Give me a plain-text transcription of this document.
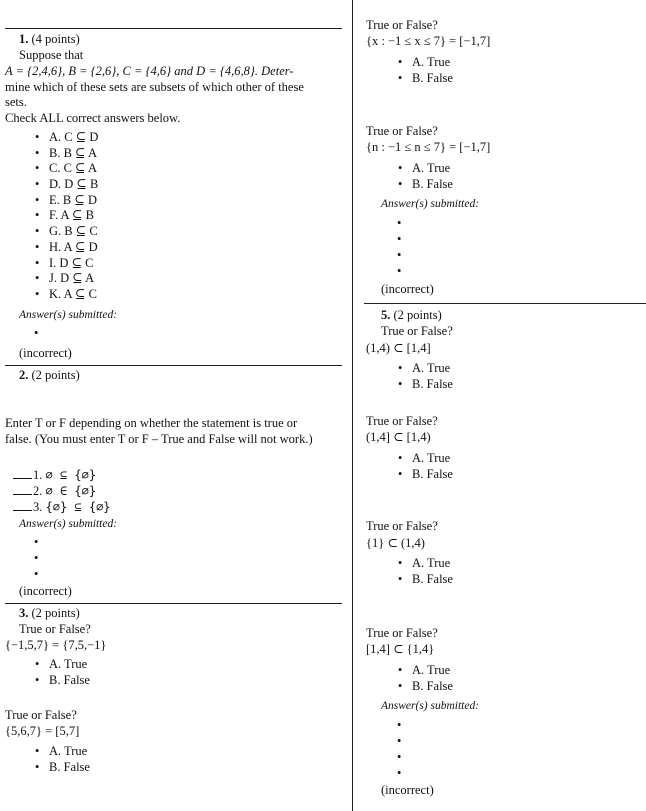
1. (4 points)
Suppose that
A = {2,4,6}, B = {2,6}, C = {4,6} and D = {4,6,8}. Deter-
mine which of these sets are subsets of which other of these
sets.
Check ALL correct answers below.
• A. C ⊆ D
• B. B ⊆ A
• C. C ⊆ A
• D. D ⊆ B
• E. B ⊆ D
• F. A ⊆ B
• G. B ⊆ C
• H. A ⊆ D
• I. D ⊆ C
• J. D ⊆ A
• K. A ⊆ C
Answer(s) submitted:
•
(incorrect)
2. (2 points)
Enter T or F depending on whether the statement is true or
false. (You must enter T or F – True and False will not work.)
1. ∅ ⊆ {∅}
2. ∅ ∈ {∅}
3. {∅} ⊆ {∅}
Answer(s) submitted:
•
•
•
(incorrect)
3. (2 points)
True or False?
{−1,5,7} = {7,5,−1}
• A. True
• B. False
True or False?
{5,6,7} = [5,7]
• A. True
• B. False
True or False?
{x : −1 ≤ x ≤ 7} = [−1,7]
• A. True
• B. False
True or False?
{n : −1 ≤ n ≤ 7} = [−1,7]
• A. True
• B. False
Answer(s) submitted:
•
•
•
•
(incorrect)
5. (2 points)
True or False?
(1,4) ⊂ [1,4]
• A. True
• B. False
True or False?
(1,4] ⊂ [1,4)
• A. True
• B. False
True or False?
{1} ⊂ (1,4)
• A. True
• B. False
True or False?
[1,4] ⊂ {1,4}
• A. True
• B. False
Answer(s) submitted:
•
•
•
•
(incorrect)
